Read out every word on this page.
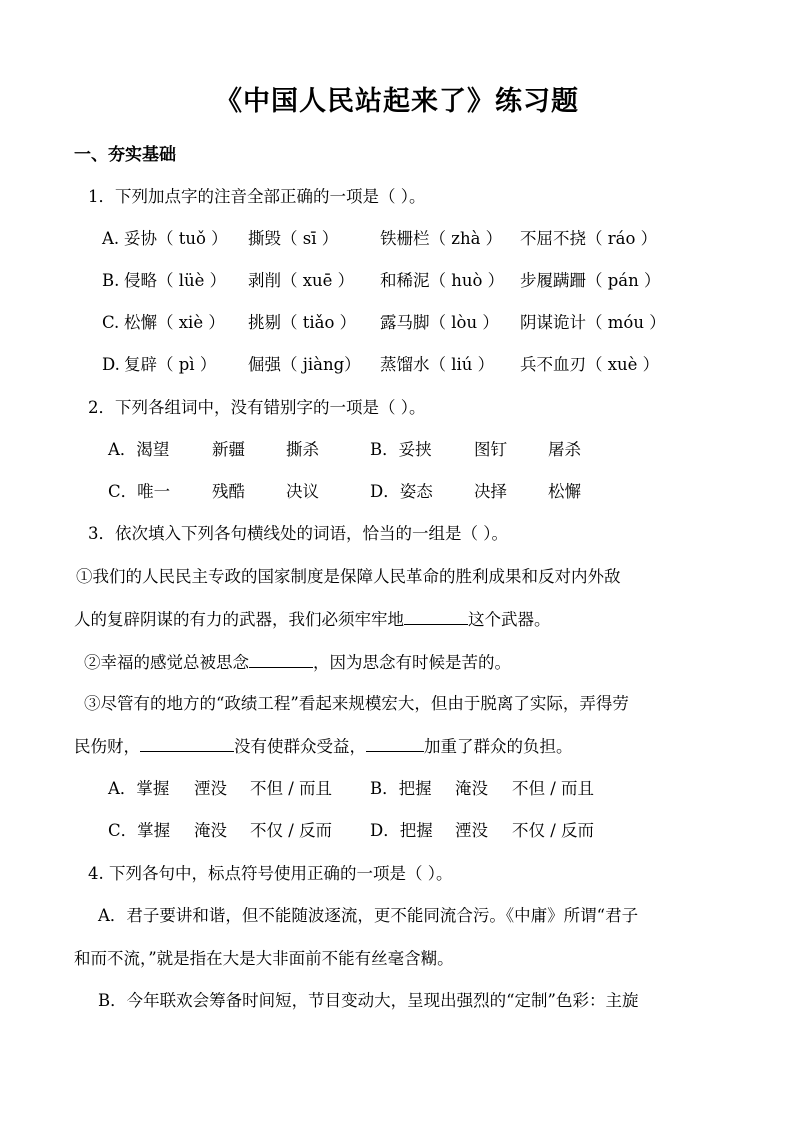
《中国人民站起来了》练习题
一、夯实基础
1．下列加点字的注音全部正确的一项是（ ）。
A. 妥协（ tuǒ ） 撕毁（ sī ）	铁栅栏（ zhà ） 不屈不挠（ ráo ）
B. 侵略（ lüè ） 剥削（ xuē ） 和稀泥（ huò ） 步履蹒跚（ pán ）
C. 松懈（ xiè ） 挑剔（ tiǎo ） 露马脚（ lòu ） 阴谋诡计（ móu ）
D. 复辟（ pì ） 倔强（ jiàng） 蒸馏水（ liú ） 兵不血刃（ xuè ）
2．下列各组词中，没有错别字的一项是（ ）。
A．渴望	新疆 撕杀	B．妥挟	图钉 屠杀
C．唯一	残酷 决议	D．姿态	决择 松懈
3．依次填入下列各句横线处的词语，恰当的一组是（ ）。
①我们的人民民主专政的国家制度是保障人民革命的胜利成果和反对内外敌
人的复辟阴谋的有力的武器，我们必须牢牢地	这个武器。
②幸福的感觉总被思念	，因为思念有时候是苦的。
③尽管有的地方的“政绩工程”看起来规模宏大，但由于脱离了实际，弄得劳
民伤财，	没有使群众受益，	加重了群众的负担。
A．掌握 湮没 不但 / 而且 B．把握 淹没 不但 / 而且
C．掌握 淹没 不仅 / 反而 D．把握 湮没 不仅 / 反而
4. 下列各句中，标点符号使用正确的一项是（ ）。
A．君子要讲和谐，但不能随波逐流，更不能同流合污。《中庸》所谓“君子
和而不流，”就是指在大是大非面前不能有丝毫含糊。
B．今年联欢会筹备时间短，节目变动大，呈现出强烈的“定制”色彩：主旋
